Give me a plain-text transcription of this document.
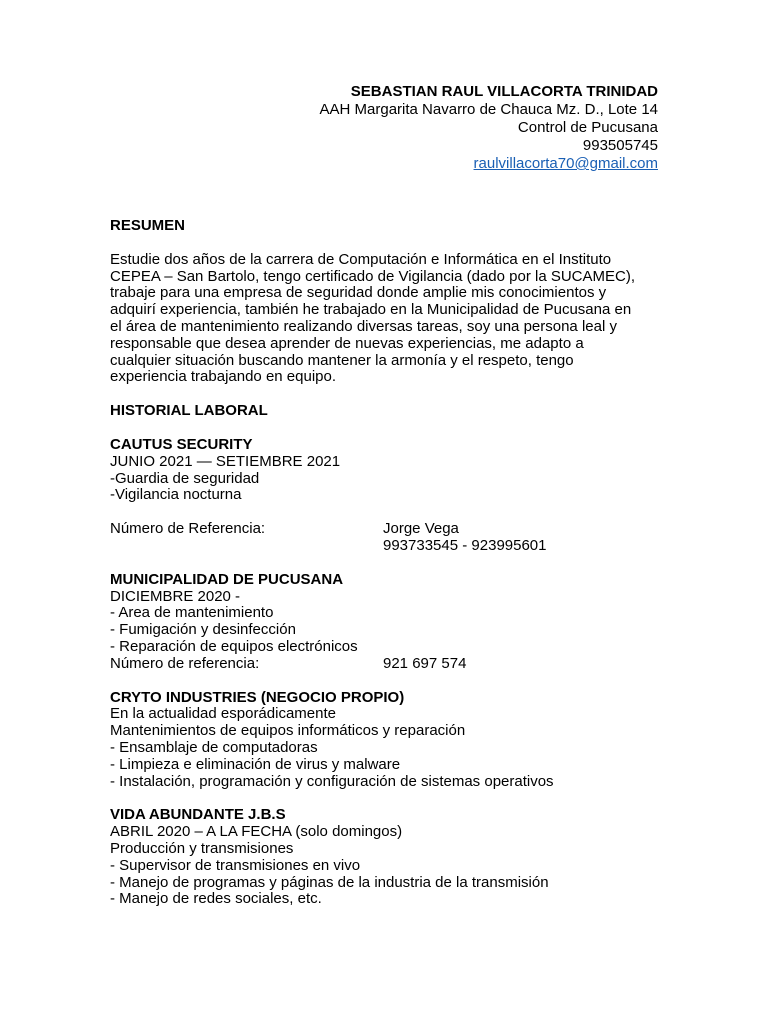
SEBASTIAN RAUL VILLACORTA TRINIDAD
AAH Margarita Navarro de Chauca Mz. D., Lote 14
Control de Pucusana
993505745
raulvillacorta70@gmail.com
RESUMEN
Estudie dos años de la carrera de Computación e Informática en el Instituto
CEPEA – San Bartolo, tengo certificado de Vigilancia (dado por la SUCAMEC),
trabaje para una empresa de seguridad donde amplie mis conocimientos y
adquirí experiencia, también he trabajado en la Municipalidad de Pucusana en
el área de mantenimiento realizando diversas tareas, soy una persona leal y
responsable que desea aprender de nuevas experiencias, me adapto a
cualquier situación buscando mantener la armonía y el respeto, tengo
experiencia trabajando en equipo.
HISTORIAL LABORAL
CAUTUS SECURITY
JUNIO 2021 — SETIEMBRE 2021
-Guardia de seguridad
-Vigilancia nocturna
Número de Referencia:	Jorge Vega

993733545 - 923995601
MUNICIPALIDAD DE PUCUSANA
DICIEMBRE 2020 -
- Area de mantenimiento
- Fumigación y desinfección
- Reparación de equipos electrónicos
Número de referencia:	921 697 574
CRYTO INDUSTRIES (NEGOCIO PROPIO)
En la actualidad esporádicamente
Mantenimientos de equipos informáticos y reparación
- Ensamblaje de computadoras
- Limpieza e eliminación de virus y malware
- Instalación, programación y configuración de sistemas operativos
VIDA ABUNDANTE J.B.S
ABRIL 2020 – A LA FECHA (solo domingos)
Producción y transmisiones
- Supervisor de transmisiones en vivo
- Manejo de programas y páginas de la industria de la transmisión
- Manejo de redes sociales, etc.
